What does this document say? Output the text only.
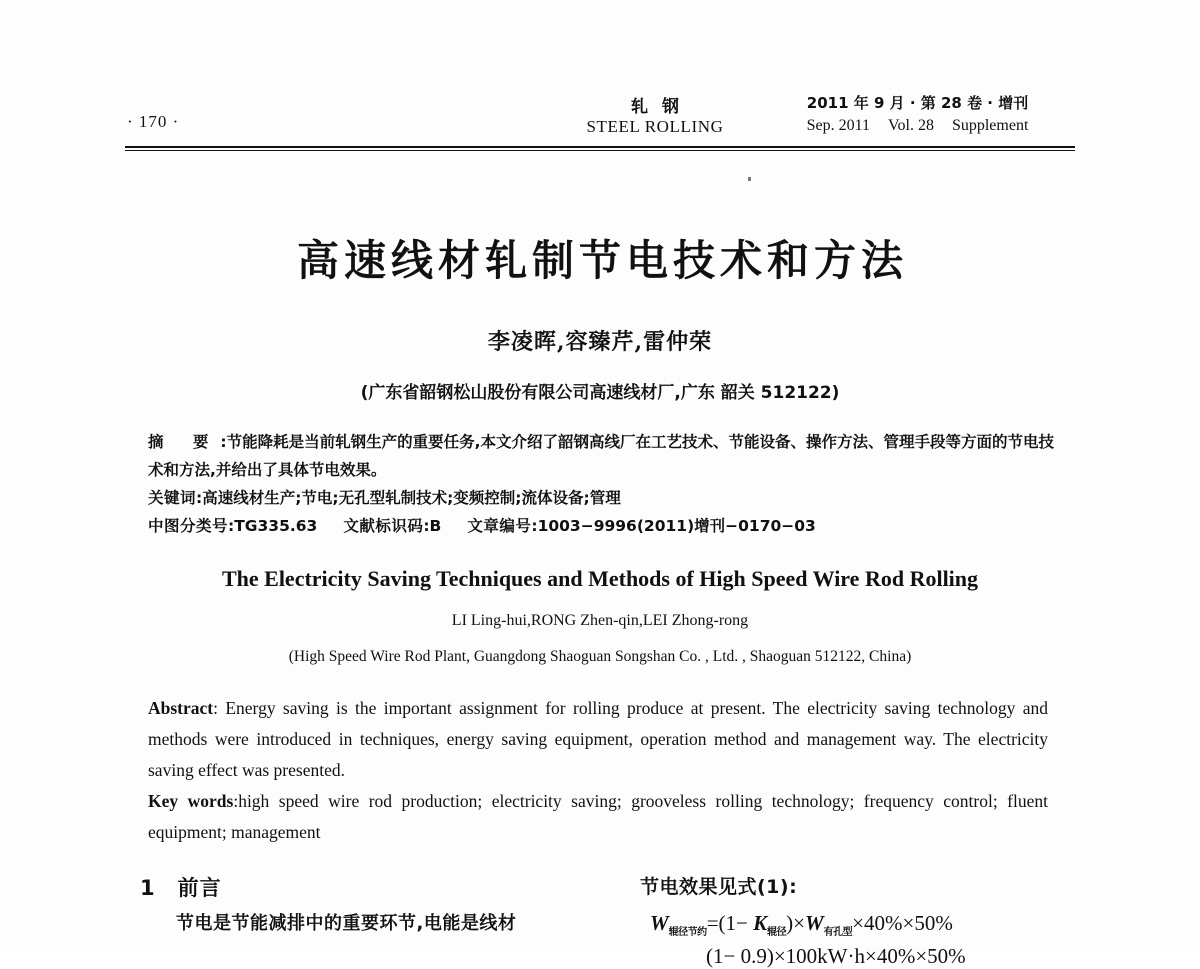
· 170 ·
轧钢
STEEL ROLLING
2011 年 9 月 · 第 28 卷 · 增刊
Sep. 2011 Vol. 28 Supplement
高速线材轧制节电技术和方法
李凌晖,容臻芹,雷仲荣
(广东省韶钢松山股份有限公司高速线材厂,广东 韶关 512122)

摘 要:节能降耗是当前轧钢生产的重要任务,本文介绍了韶钢高线厂在工艺技术、节能设备、操作方法、管理手段等方面的节电技术和方法,并给出了具体节电效果。

关键词:高速线材生产;节电;无孔型轧制技术;变频控制;流体设备;管理

中图分类号:TG335.63 文献标识码:B 文章编号:1003−9996(2011)增刊−0170−03

The Electricity Saving Techniques and Methods of High Speed Wire Rod Rolling
LI Ling-hui,RONG Zhen-qin,LEI Zhong-rong
(High Speed Wire Rod Plant, Guangdong Shaoguan Songshan Co. , Ltd. , Shaoguan 512122, China)

Abstract: Energy saving is the important assignment for rolling produce at present. The electricity saving technology and methods were introduced in techniques, energy saving equipment, operation method and management way. The electricity saving effect was presented.

Key words:high speed wire rod production; electricity saving; grooveless rolling technology; frequency control; fluent equipment; management

1 前言
节电是节能减排中的重要环节,电能是线材
节电效果见式(1):
$W_{辊径节约}=(1- K_{辊径})\times W_{有孔型}\times 40\%\times 50\%$
(1− 0.9)×100kW·h×40%×50%
